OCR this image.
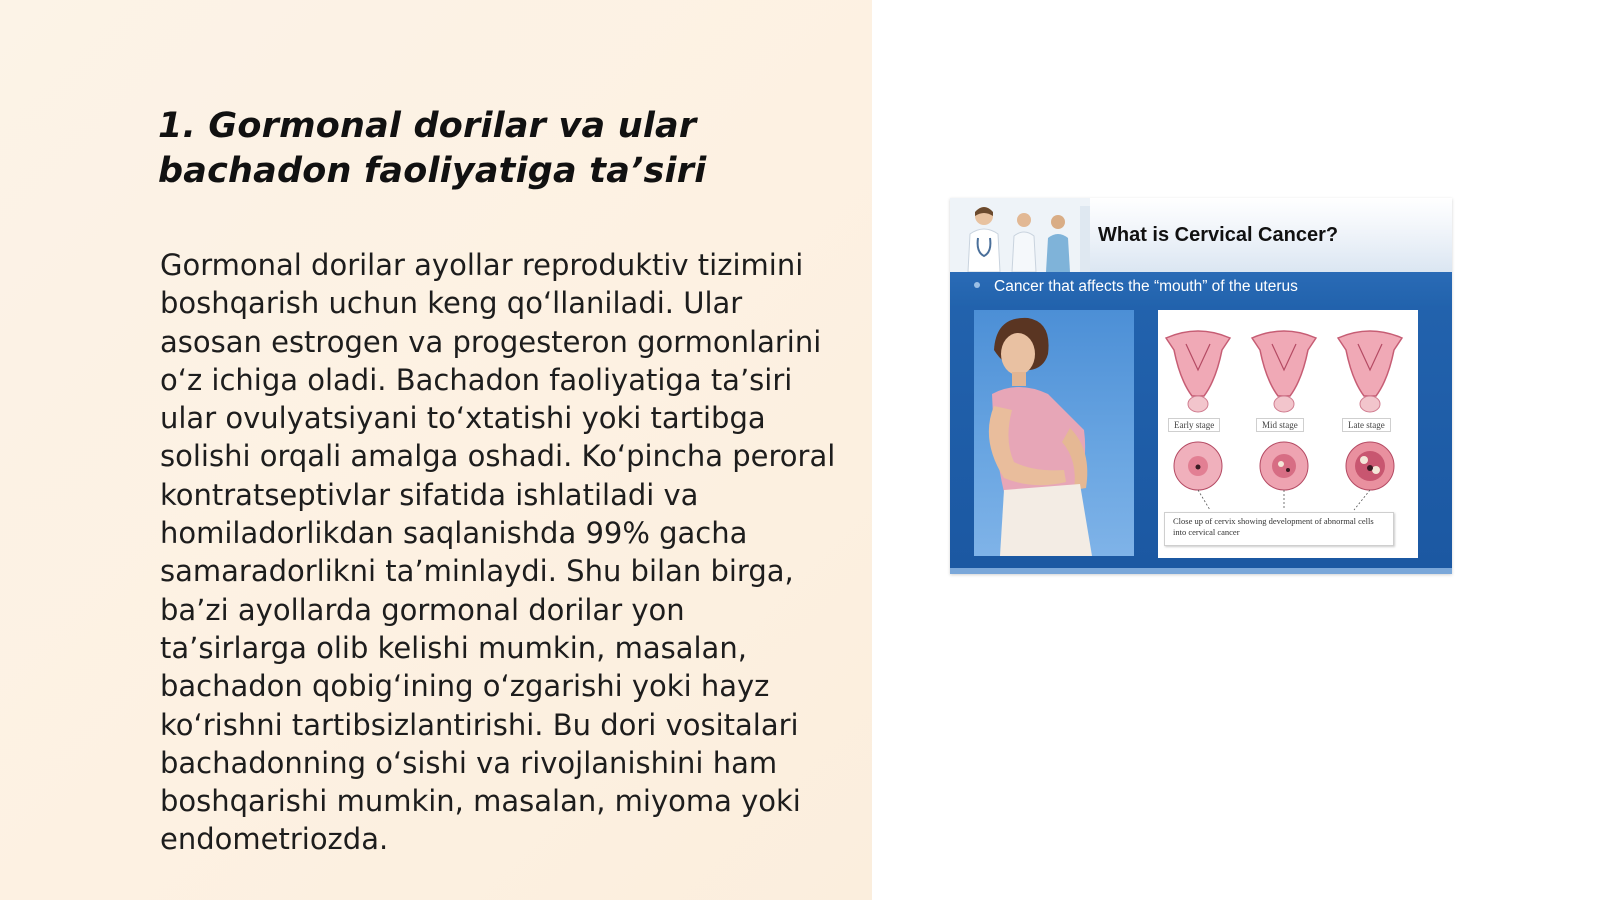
1. Gormonal dorilar va ular bachadon faoliyatiga ta’siri

Gormonal dorilar ayollar reproduktiv tizimini boshqarish uchun keng qo‘llaniladi. Ular asosan estrogen va progesteron gormonlarini o‘z ichiga oladi. Bachadon faoliyatiga ta’siri ular ovulyatsiyani to‘xtatishi yoki tartibga solishi orqali amalga oshadi. Ko‘pincha peroral kontratseptivlar sifatida ishlatiladi va homiladorlikdan saqlanishda 99% gacha samaradorlikni ta’minlaydi. Shu bilan birga, ba’zi ayollarda gormonal dorilar yon ta’sirlarga olib kelishi mumkin, masalan, bachadon qobig‘ining o‘zgarishi yoki hayz ko‘rishni tartibsizlantirishi. Bu dori vositalari bachadonning o‘sishi va rivojlanishini ham boshqarishi mumkin, masalan, miyoma yoki endometriozda.

What is Cervical Cancer?
Cancer that affects the “mouth” of the uterus
Early stage	Mid stage	Late stage
Close up of cervix showing development of abnormal cells into cervical cancer
